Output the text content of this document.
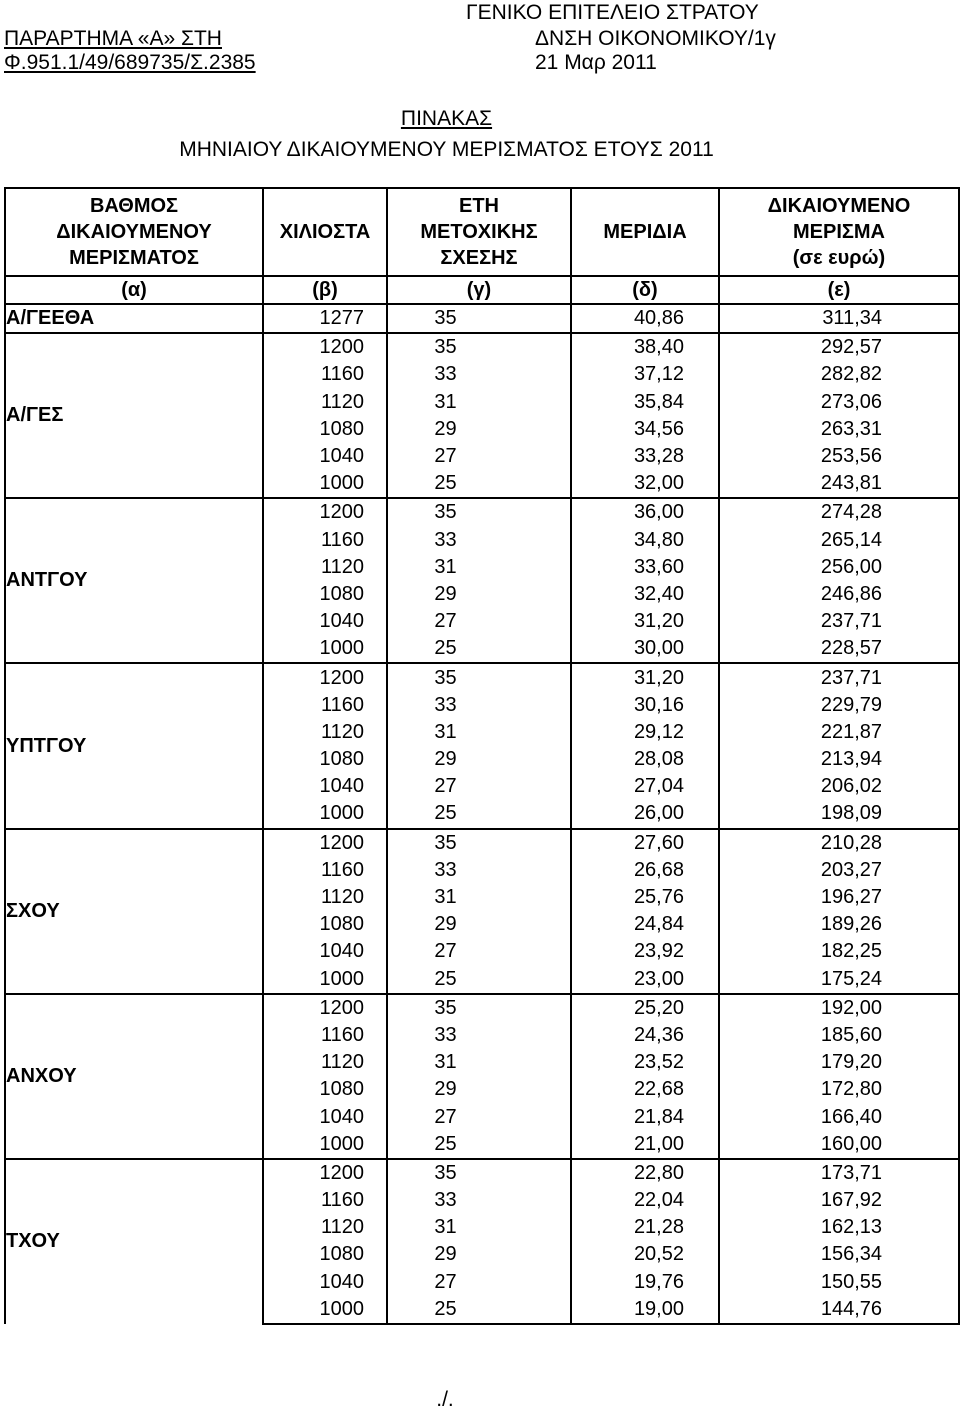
ΠΑΡΑΡΤΗΜΑ «Α» ΣΤΗ
Φ.951.1/49/689735/Σ.2385
ΓΕΝΙΚΟ ΕΠΙΤΕΛΕΙΟ ΣΤΡΑΤΟΥ
ΔΝΣΗ ΟΙΚΟΝΟΜΙΚΟΥ/1γ
21 Μαρ 2011
ΠΙΝΑΚΑΣ
ΜΗΝΙΑΙΟΥ ΔΙΚΑΙΟΥΜΕΝΟΥ ΜΕΡΙΣΜΑΤΟΣ ΕΤΟΥΣ 2011
ΒΑΘΜΟΣ
ΔΙΚΑΙΟΥΜΕΝΟΥ
ΜΕΡΙΣΜΑΤΟΣ	ΧΙΛΙΟΣΤΑ	ΕΤΗ
ΜΕΤΟΧΙΚΗΣ
ΣΧΕΣΗΣ	ΜΕΡΙΔΙΑ	ΔΙΚΑΙΟΥΜΕΝΟ
ΜΕΡΙΣΜΑ
(σε ευρώ)
(α)	(β)	(γ)	(δ)	(ε)
Α/ΓΕΕΘΑ	1277	35	40,86	311,34
Α/ΓΕΣ	1200	35	38,40	292,57
	1160	33	37,12	282,82
	1120	31	35,84	273,06
	1080	29	34,56	263,31
	1040	27	33,28	253,56
	1000	25	32,00	243,81
ΑΝΤΓΟΥ	1200	35	36,00	274,28
	1160	33	34,80	265,14
	1120	31	33,60	256,00
	1080	29	32,40	246,86
	1040	27	31,20	237,71
	1000	25	30,00	228,57
ΥΠΤΓΟΥ	1200	35	31,20	237,71
	1160	33	30,16	229,79
	1120	31	29,12	221,87
	1080	29	28,08	213,94
	1040	27	27,04	206,02
	1000	25	26,00	198,09
ΣΧΟΥ	1200	35	27,60	210,28
	1160	33	26,68	203,27
	1120	31	25,76	196,27
	1080	29	24,84	189,26
	1040	27	23,92	182,25
	1000	25	23,00	175,24
ΑΝΧΟΥ	1200	35	25,20	192,00
	1160	33	24,36	185,60
	1120	31	23,52	179,20
	1080	29	22,68	172,80
	1040	27	21,84	166,40
	1000	25	21,00	160,00
ΤΧΟΥ	1200	35	22,80	173,71
	1160	33	22,04	167,92
	1120	31	21,28	162,13
	1080	29	20,52	156,34
	1040	27	19,76	150,55
	1000	25	19,00	144,76
./.
